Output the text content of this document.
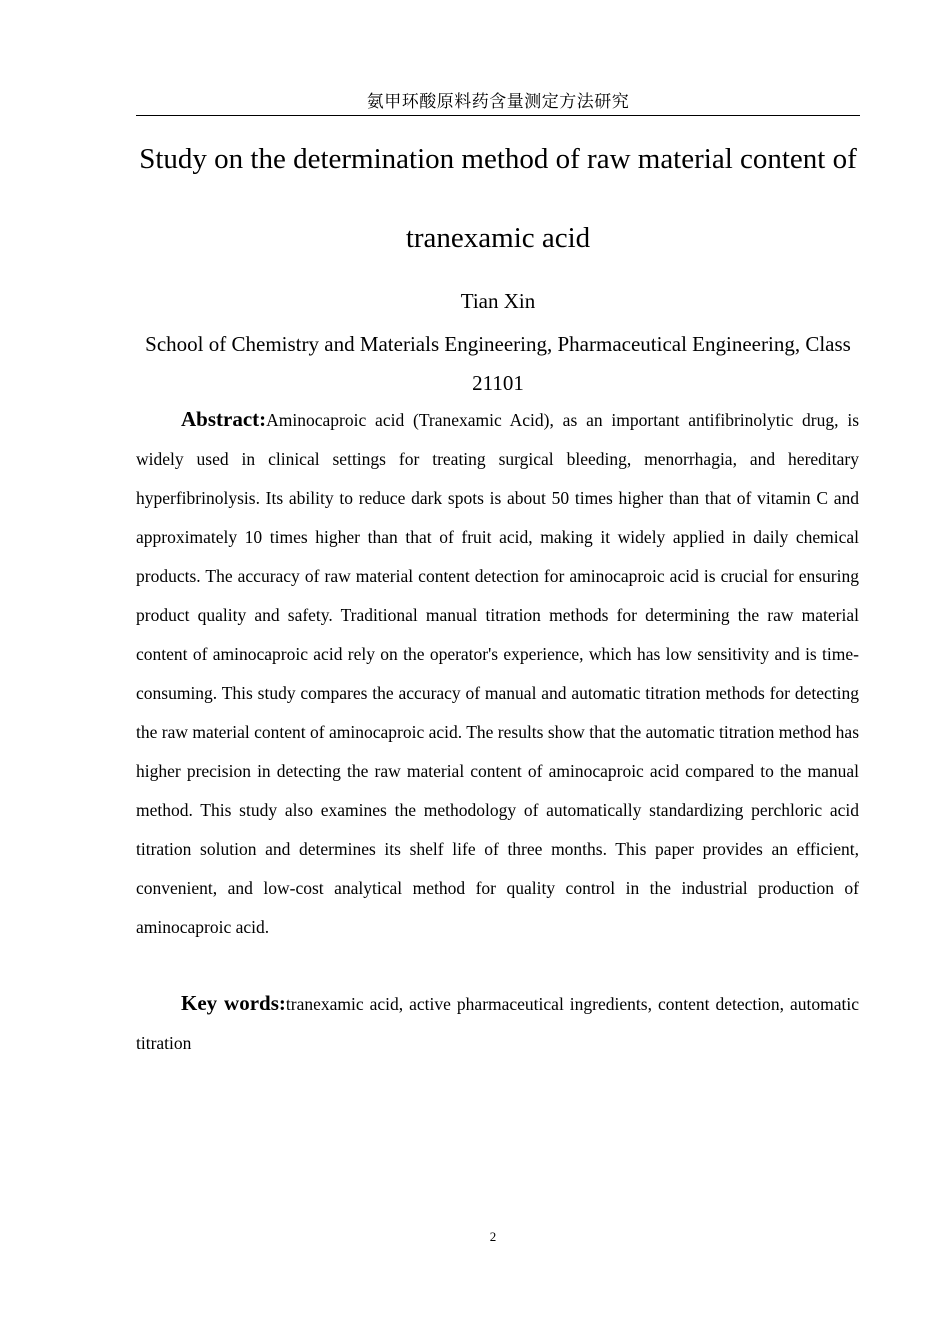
氨甲环酸原料药含量测定方法研究
Study on the determination method of raw material content of tranexamic acid
Tian Xin
School of Chemistry and Materials Engineering, Pharmaceutical Engineering, Class 21101

Abstract:Aminocaproic acid (Tranexamic Acid), as an important antifibrinolytic drug, is widely used in clinical settings for treating surgical bleeding, menorrhagia, and hereditary hyperfibrinolysis. Its ability to reduce dark spots is about 50 times higher than that of vitamin C and approximately 10 times higher than that of fruit acid, making it widely applied in daily chemical products. The accuracy of raw material content detection for aminocaproic acid is crucial for ensuring product quality and safety. Traditional manual titration methods for determining the raw material content of aminocaproic acid rely on the operator's experience, which has low sensitivity and is time-consuming. This study compares the accuracy of manual and automatic titration methods for detecting the raw material content of aminocaproic acid. The results show that the automatic titration method has higher precision in detecting the raw material content of aminocaproic acid compared to the manual method. This study also examines the methodology of automatically standardizing perchloric acid titration solution and determines its shelf life of three months. This paper provides an efficient, convenient, and low-cost analytical method for quality control in the industrial production of aminocaproic acid.

Key words:tranexamic acid, active pharmaceutical ingredients, content detection, automatic titration

2
